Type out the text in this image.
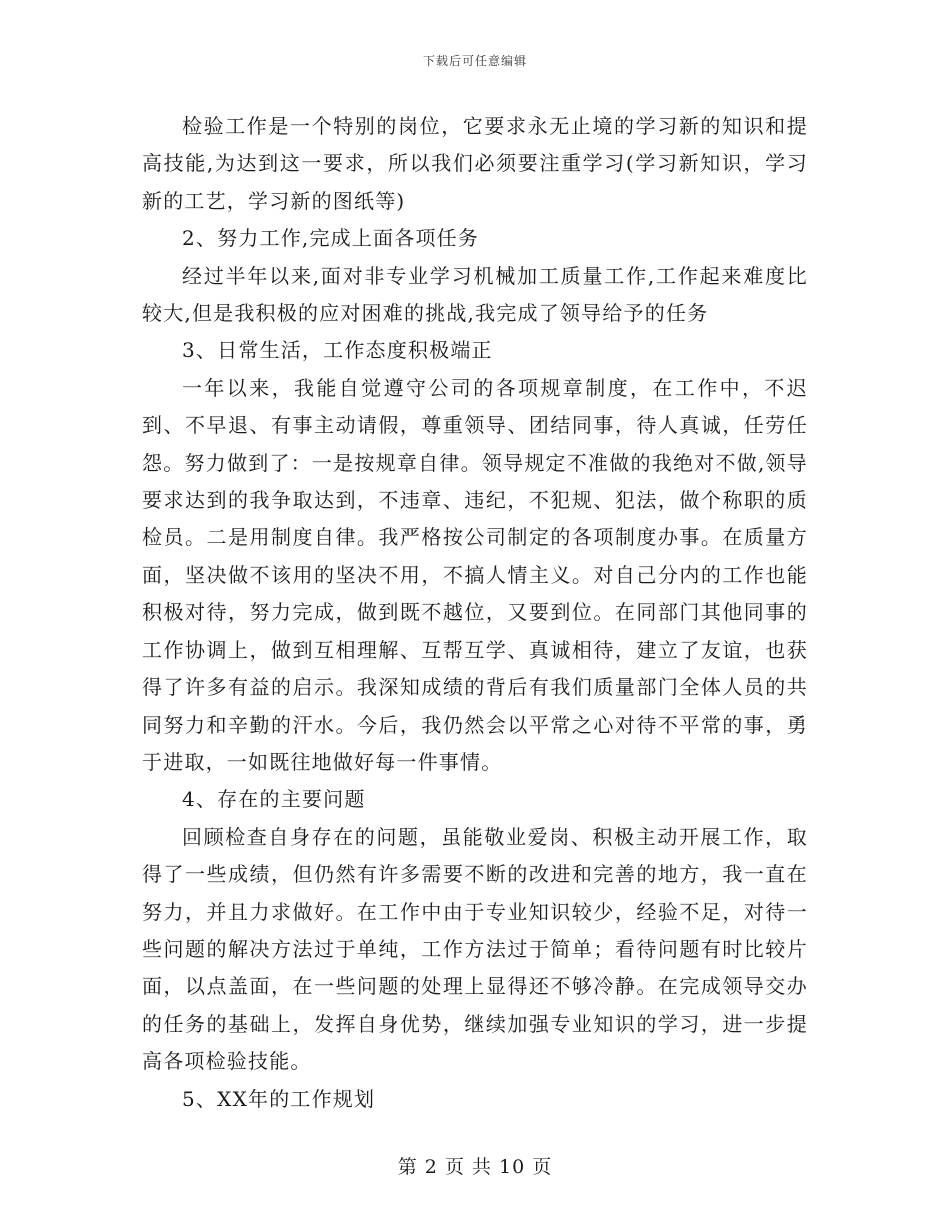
下载后可任意编辑

检验工作是一个特别的岗位，它要求永无止境的学习新的知识和提高技能,为达到这一要求，所以我们必须要注重学习(学习新知识，学习新的工艺，学习新的图纸等)

2、努力工作,完成上面各项任务

经过半年以来,面对非专业学习机械加工质量工作,工作起来难度比较大,但是我积极的应对困难的挑战,我完成了领导给予的任务

3、日常生活，工作态度积极端正

一年以来，我能自觉遵守公司的各项规章制度，在工作中，不迟到、不早退、有事主动请假，尊重领导、团结同事，待人真诚，任劳任怨。努力做到了：一是按规章自律。领导规定不准做的我绝对不做,领导要求达到的我争取达到，不违章、违纪，不犯规、犯法，做个称职的质检员。二是用制度自律。我严格按公司制定的各项制度办事。在质量方面，坚决做不该用的坚决不用，不搞人情主义。对自己分内的工作也能积极对待，努力完成，做到既不越位，又要到位。在同部门其他同事的工作协调上，做到互相理解、互帮互学、真诚相待，建立了友谊，也获得了许多有益的启示。我深知成绩的背后有我们质量部门全体人员的共同努力和辛勤的汗水。今后，我仍然会以平常之心对待不平常的事，勇于进取，一如既往地做好每一件事情。

4、存在的主要问题

回顾检查自身存在的问题，虽能敬业爱岗、积极主动开展工作，取得了一些成绩，但仍然有许多需要不断的改进和完善的地方，我一直在努力，并且力求做好。在工作中由于专业知识较少，经验不足，对待一些问题的解决方法过于单纯，工作方法过于简单；看待问题有时比较片面，以点盖面，在一些问题的处理上显得还不够冷静。在完成领导交办的任务的基础上，发挥自身优势，继续加强专业知识的学习，进一步提高各项检验技能。

5、XX年的工作规划

第 2 页 共 10 页
